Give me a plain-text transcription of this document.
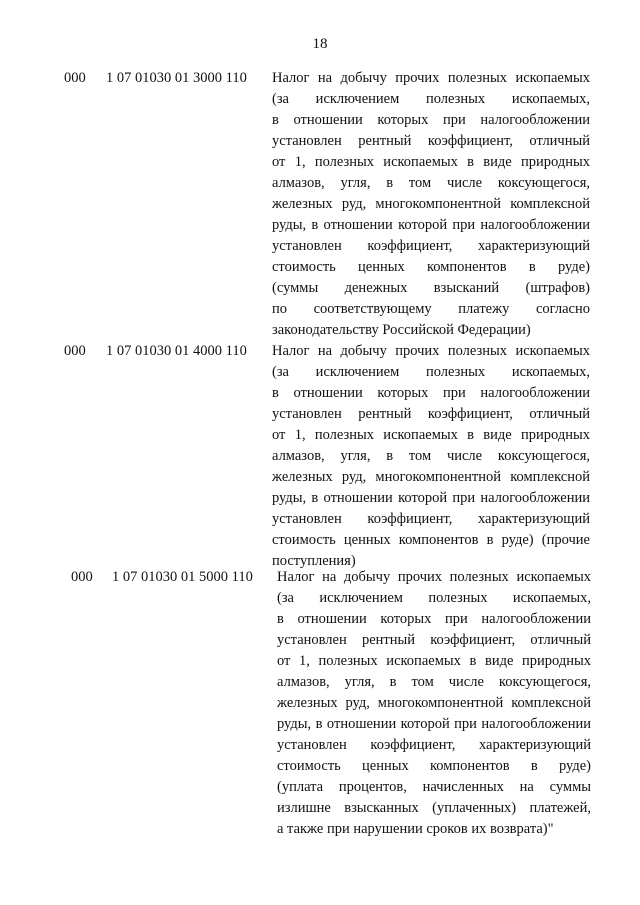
18
000 1 07 01030 01 3000 110 Налог на добычу прочих полезных ископаемых
(за исключением полезных ископаемых,
в отношении которых при налогообложении
установлен рентный коэффициент, отличный
от 1, полезных ископаемых в виде природных
алмазов, угля, в том числе коксующегося,
железных руд, многокомпонентной комплексной
руды, в отношении которой при налогообложении
установлен коэффициент, характеризующий
стоимость ценных компонентов в руде)
(суммы денежных взысканий (штрафов)
по соответствующему платежу согласно
законодательству Российской Федерации)
000 1 07 01030 01 4000 110 Налог на добычу прочих полезных ископаемых
(за исключением полезных ископаемых,
в отношении которых при налогообложении
установлен рентный коэффициент, отличный
от 1, полезных ископаемых в виде природных
алмазов, угля, в том числе коксующегося,
железных руд, многокомпонентной комплексной
руды, в отношении которой при налогообложении
установлен коэффициент, характеризующий
стоимость ценных компонентов в руде) (прочие
поступления)
000 1 07 01030 01 5000 110 Налог на добычу прочих полезных ископаемых
(за исключением полезных ископаемых,
в отношении которых при налогообложении
установлен рентный коэффициент, отличный
от 1, полезных ископаемых в виде природных
алмазов, угля, в том числе коксующегося,
железных руд, многокомпонентной комплексной
руды, в отношении которой при налогообложении
установлен коэффициент, характеризующий
стоимость ценных компонентов в руде)
(уплата процентов, начисленных на суммы
излишне взысканных (уплаченных) платежей,
а также при нарушении сроков их возврата)"
